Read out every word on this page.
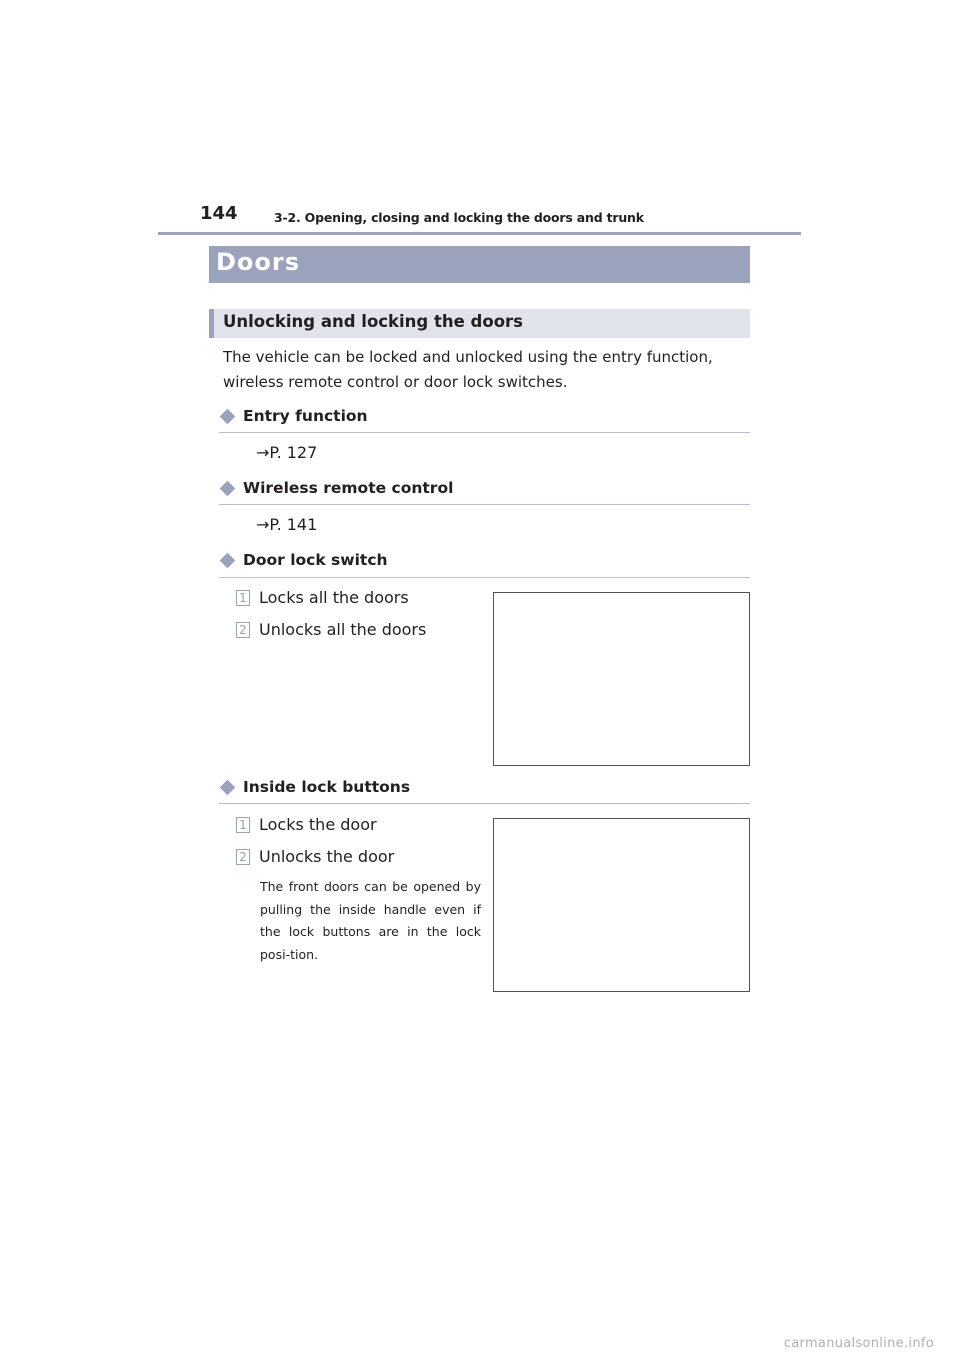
144	3-2. Opening, closing and locking the doors and trunk
Doors
Unlocking and locking the doors
The vehicle can be locked and unlocked using the entry function, wireless remote control or door lock switches.
Entry function
→P. 127
Wireless remote control
→P. 141
Door lock switch
1 Locks all the doors
2 Unlocks all the doors
Inside lock buttons
1 Locks the door
2 Unlocks the door
The front doors can be opened by pulling the inside handle even if the lock buttons are in the lock posi-tion.
carmanualsonline.info
